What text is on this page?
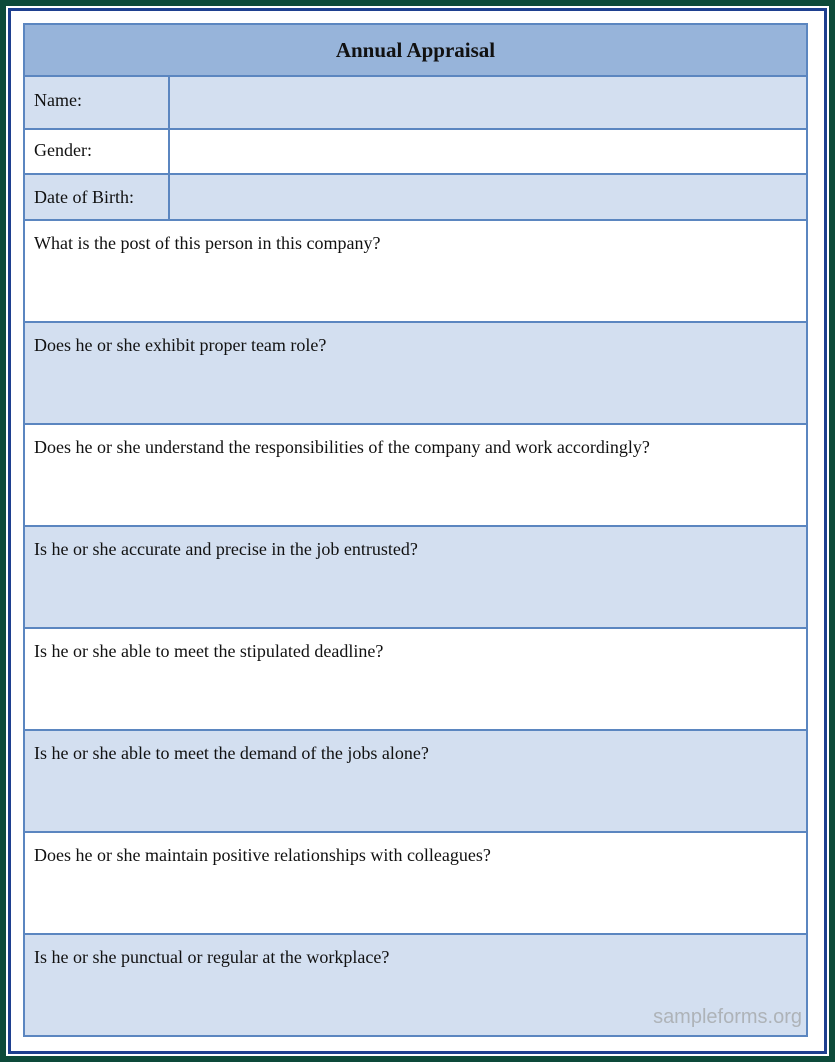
Annual Appraisal
Name:
Gender:
Date of Birth:
What is the post of this person in this company?
Does he or she exhibit proper team role?
Does he or she understand the responsibilities of the company and work accordingly?
Is he or she accurate and precise in the job entrusted?
Is he or she able to meet the stipulated deadline?
Is he or she able to meet the demand of the jobs alone?
Does he or she maintain positive relationships with colleagues?
Is he or she punctual or regular at the workplace?
sampleforms.org
